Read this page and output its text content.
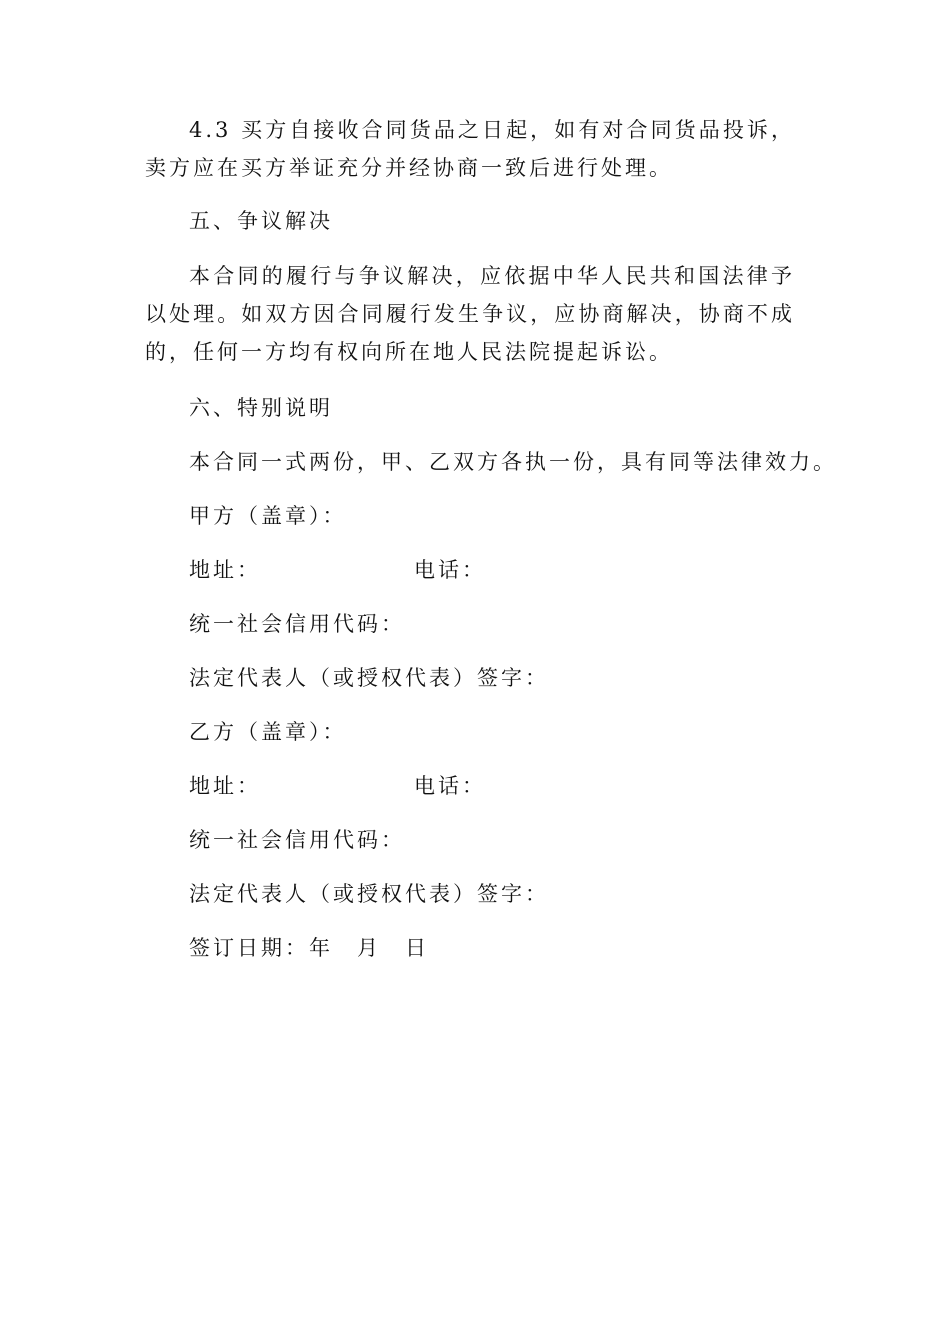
4.3 买方自接收合同货品之日起，如有对合同货品投诉，卖方应在买方举证充分并经协商一致后进行处理。
五、争议解决
本合同的履行与争议解决，应依据中华人民共和国法律予以处理。如双方因合同履行发生争议，应协商解决，协商不成的，任何一方均有权向所在地人民法院提起诉讼。
六、特别说明
本合同一式两份，甲、乙双方各执一份，具有同等法律效力。
甲方（盖章）：
地址：	电话：
统一社会信用代码：
法定代表人（或授权代表）签字：
乙方（盖章）：
地址：	电话：
统一社会信用代码：
法定代表人（或授权代表）签字：
签订日期：年　月　日
